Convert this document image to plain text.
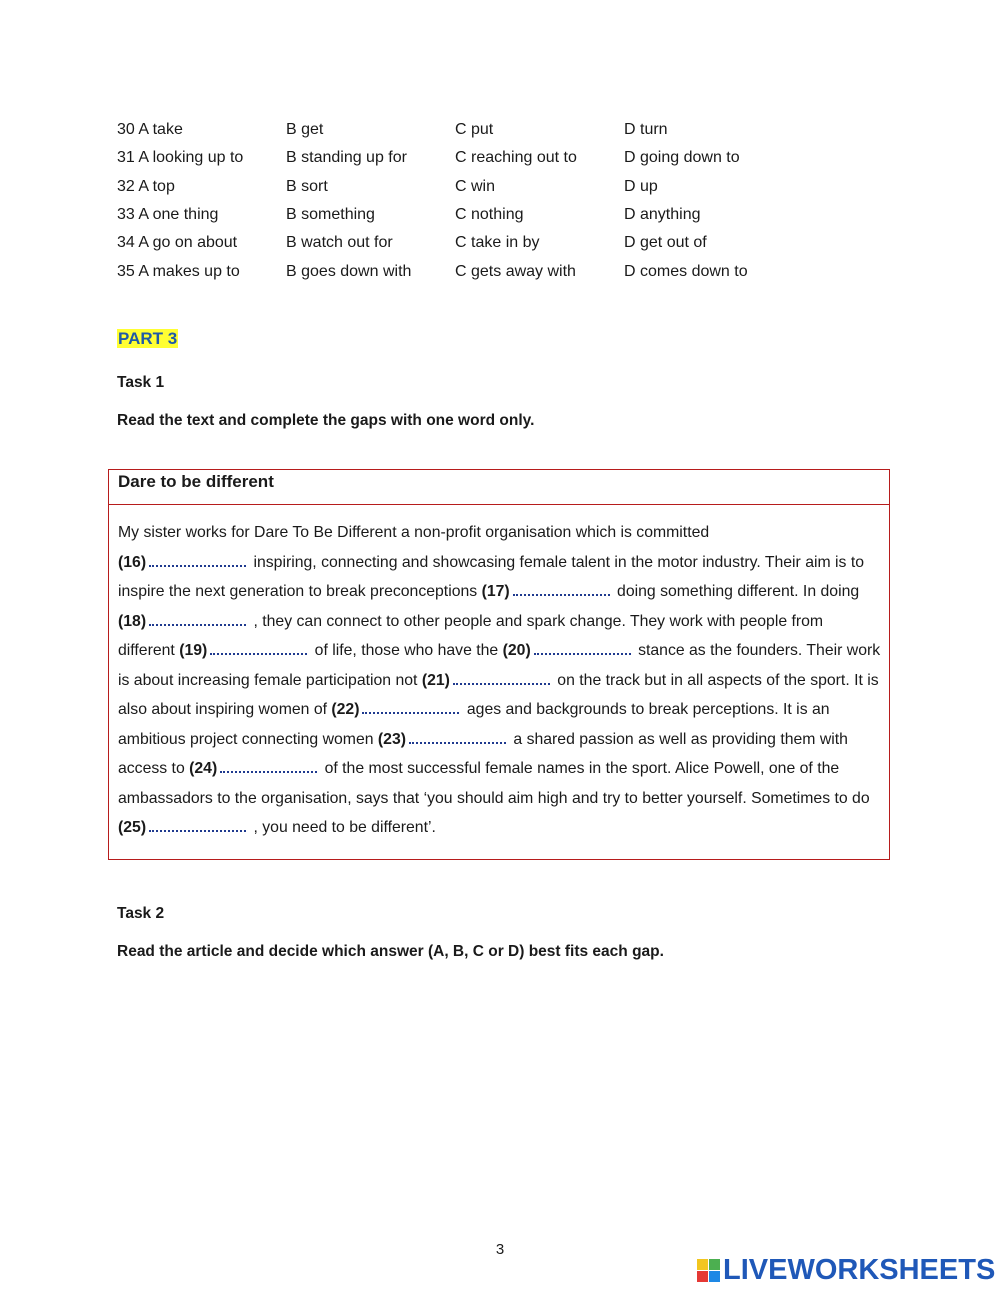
30 A take	B get	C put	D turn
31 A looking up to	B standing up for	C reaching out to	D going down to
32 A top	B sort	C win	D up
33 A one thing	B something	C nothing	D anything
34 A go on about	B watch out for	C take in by	D get out of
35 A makes up to	B goes down with	C gets away with	D comes down to
PART 3
Task 1
Read the text and complete the gaps with one word only.
Dare to be different
My sister works for Dare To Be Different a non-profit organisation which is committed
(16)	inspiring, connecting and showcasing female talent in the motor industry. Their aim is to inspire the next generation to break preconceptions (17)	doing something different. In doing (18)	, they can connect to other people and spark change. They work with people from different (19)	of life, those who have the (20)	stance as the founders. Their work is about increasing female participation not (21)	on the track but in all aspects of the sport. It is also about inspiring women of (22)	ages and backgrounds to break perceptions. It is an ambitious project connecting women (23)	a shared passion as well as providing them with access to (24)	of the most successful female names in the sport. Alice Powell, one of the ambassadors to the organisation, says that ‘you should aim high and try to better yourself. Sometimes to do (25)	, you need to be different’.
Task 2
Read the article and decide which answer (A, B, C or D) best fits each gap.
3
LIVEWORKSHEETS
